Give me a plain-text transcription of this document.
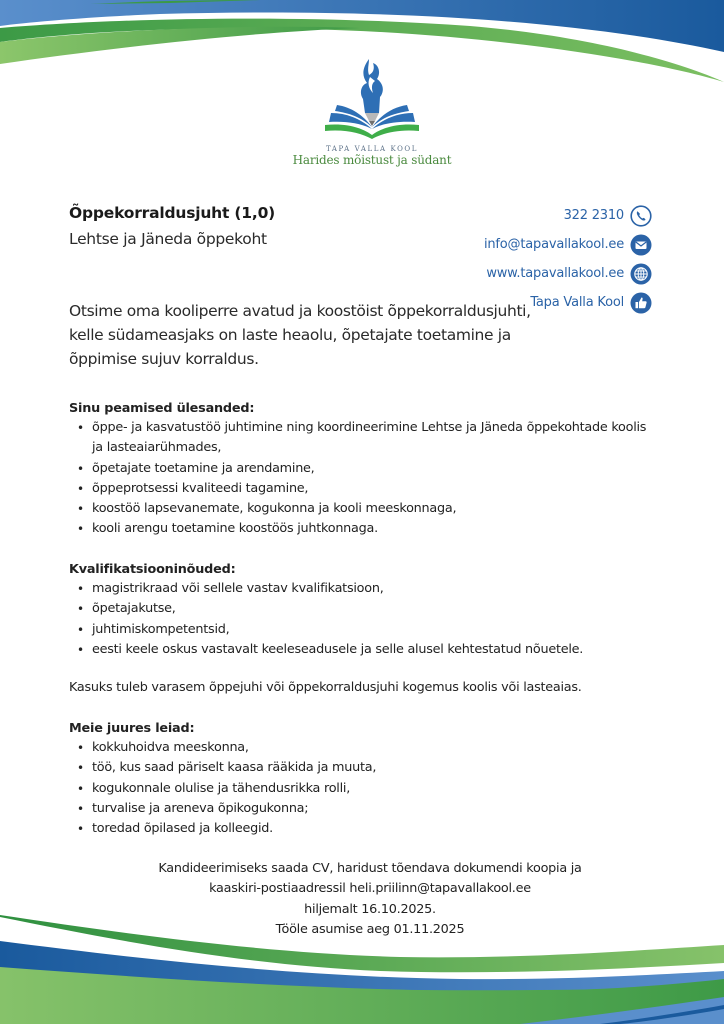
TAPA VALLA KOOL
Harides mõistust ja südant
Õppekorraldusjuht (1,0)
Lehtse ja Jäneda õppekoht
322 2310
info@tapavallakool.ee
www.tapavallakool.ee
Tapa Valla Kool
Otsime oma kooliperre avatud ja koostöist õppekorraldusjuhti, kelle südameasjaks on laste heaolu, õpetajate toetamine ja õppimise sujuv korraldus.
Sinu peamised ülesanded:
• õppe- ja kasvatustöö juhtimine ning koordineerimine Lehtse ja Jäneda õppekohtade koolis ja lasteaiarühmades,
• õpetajate toetamine ja arendamine,
• õppeprotsessi kvaliteedi tagamine,
• koostöö lapsevanemate, kogukonna ja kooli meeskonnaga,
• kooli arengu toetamine koostöös juhtkonnaga.
Kvalifikatsiooninõuded:
• magistrikraad või sellele vastav kvalifikatsioon,
• õpetajakutse,
• juhtimiskompetentsid,
• eesti keele oskus vastavalt keeleseadusele ja selle alusel kehtestatud nõuetele.
Kasuks tuleb varasem õppejuhi või õppekorraldusjuhi kogemus koolis või lasteaias.
Meie juures leiad:
• kokkuhoidva meeskonna,
• töö, kus saad päriselt kaasa rääkida ja muuta,
• kogukonnale olulise ja tähendusrikka rolli,
• turvalise ja areneva õpikogukonna;
• toredad õpilased ja kolleegid.
Kandideerimiseks saada CV, haridust tõendava dokumendi koopia ja
kaaskiri-postiaadressil heli.priilinn@tapavallakool.ee
hiljemalt 16.10.2025.
Tööle asumise aeg 01.11.2025
